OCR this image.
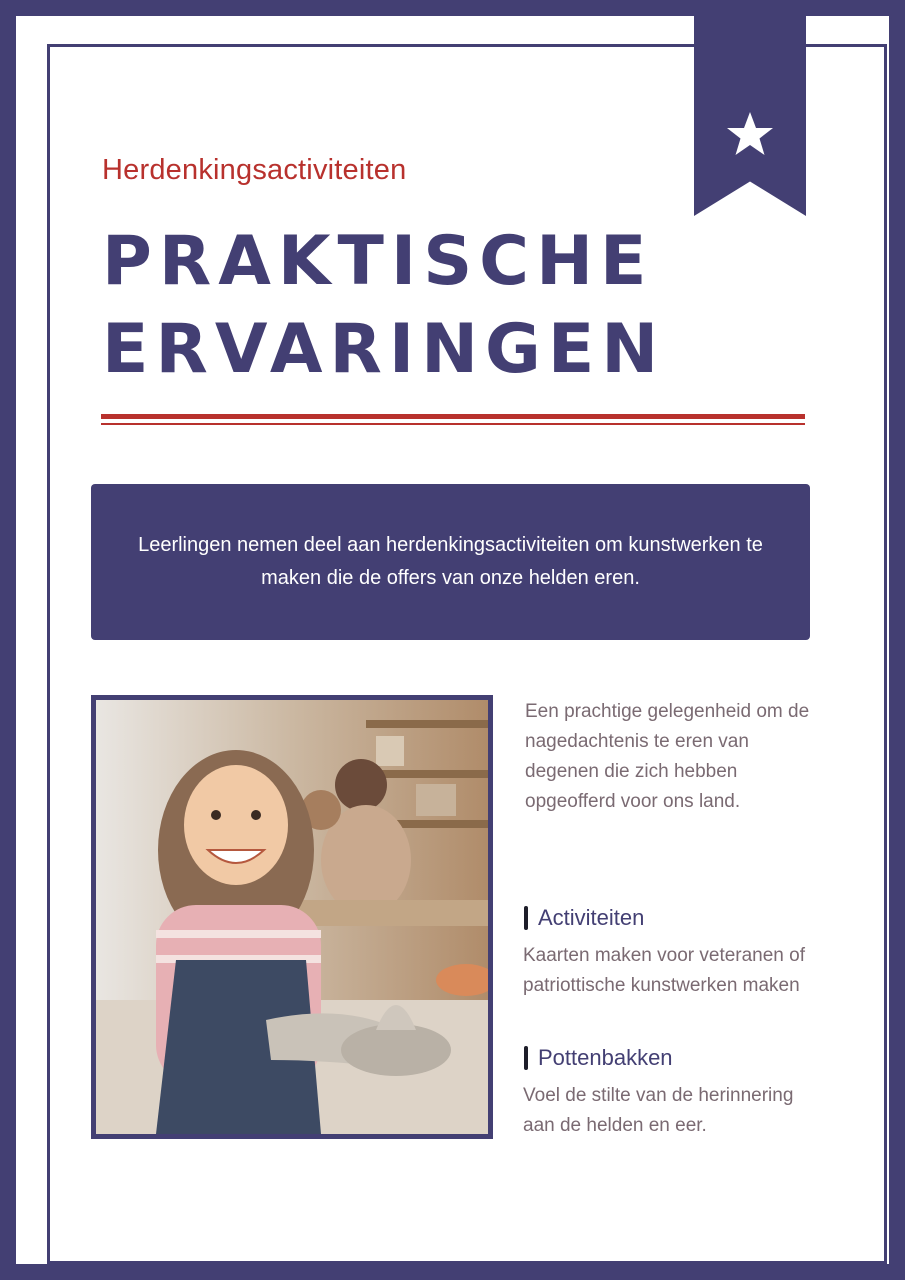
Herdenkingsactiviteiten
PRAKTISCHE
ERVARINGEN

Leerlingen nemen deel aan herdenkingsactiviteiten om kunstwerken te maken die de offers van onze helden eren.

Een prachtige gelegenheid om de nagedachtenis te eren van degenen die zich hebben opgeofferd voor ons land.

Activiteiten

Kaarten maken voor veteranen of patriottische kunstwerken maken

Pottenbakken

Voel de stilte van de herinnering aan de helden en eer.
